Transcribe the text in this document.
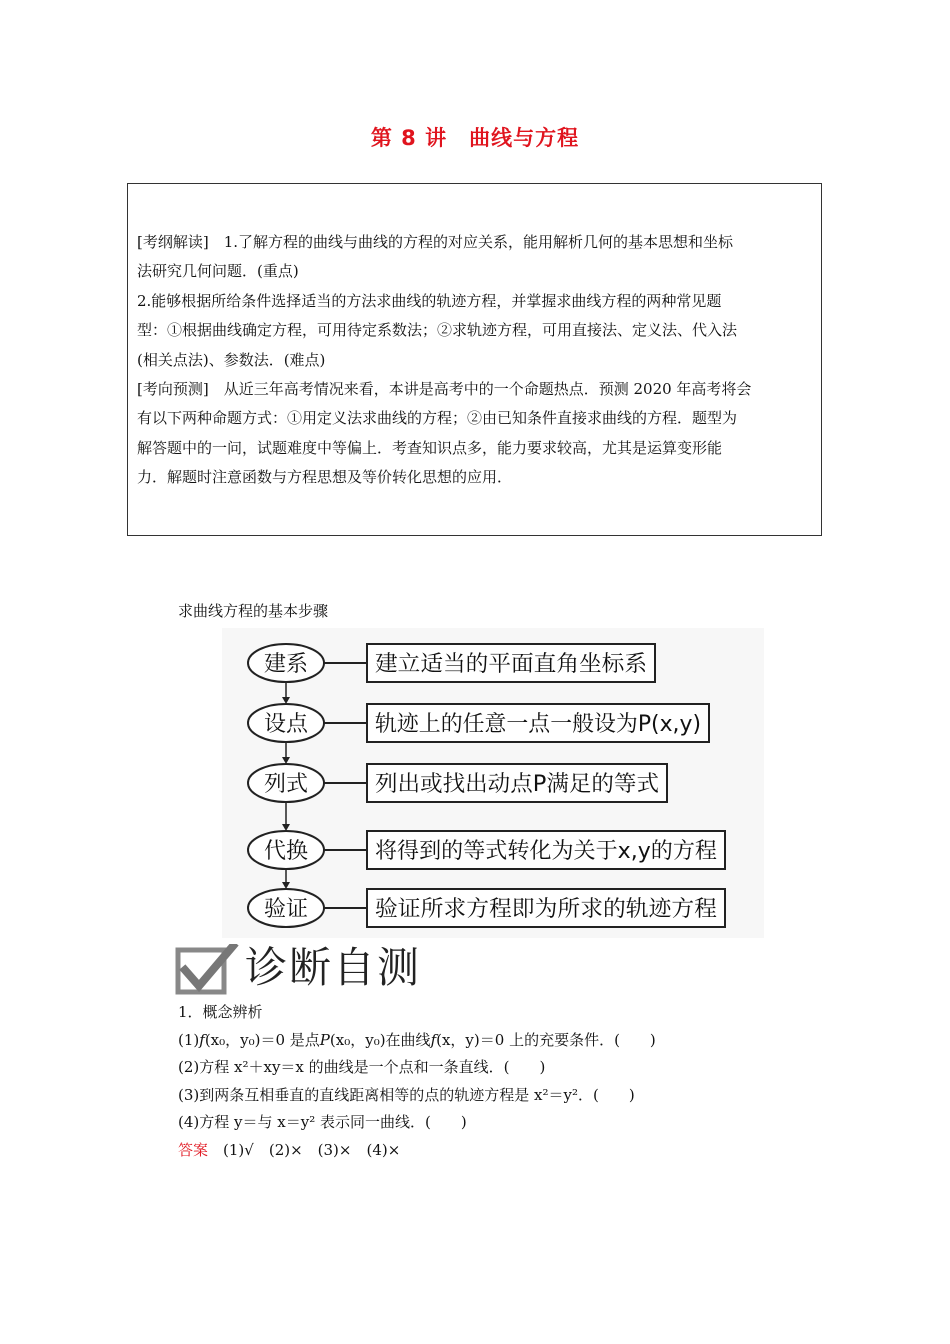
第 8 讲　曲线与方程

[考纲解读]　1.了解方程的曲线与曲线的方程的对应关系，能用解析几何的基本思想和坐标

法研究几何问题．(重点)

2.能够根据所给条件选择适当的方法求曲线的轨迹方程，并掌握求曲线方程的两种常见题

型：①根据曲线确定方程，可用待定系数法；②求轨迹方程，可用直接法、定义法、代入法

(相关点法)、参数法．(难点)

[考向预测]　从近三年高考情况来看，本讲是高考中的一个命题热点．预测 2020 年高考将会

有以下两种命题方式：①用定义法求曲线的方程；②由已知条件直接求曲线的方程．题型为

解答题中的一问，试题难度中等偏上．考查知识点多，能力要求较高，尤其是运算变形能

力．解题时注意函数与方程思想及等价转化思想的应用．

求曲线方程的基本步骤
建系	建立适当的平面直角坐标系
设点	轨迹上的任意一点一般设为P(x,y)
列式	列出或找出动点P满足的等式
代换	将得到的等式转化为关于x,y的方程
验证	验证所求方程即为所求的轨迹方程
诊断自测

1．概念辨析

(1)f(x₀，y₀)＝0 是点P(x₀，y₀)在曲线f(x，y)＝0 上的充要条件．(　　)

(2)方程 x²＋xy＝x 的曲线是一个点和一条直线．(　　)

(3)到两条互相垂直的直线距离相等的点的轨迹方程是 x²＝y²．(　　)

(4)方程 y＝与 x＝y² 表示同一曲线．(　　)

答案　 (1)√　(2)×　(3)×　(4)×
